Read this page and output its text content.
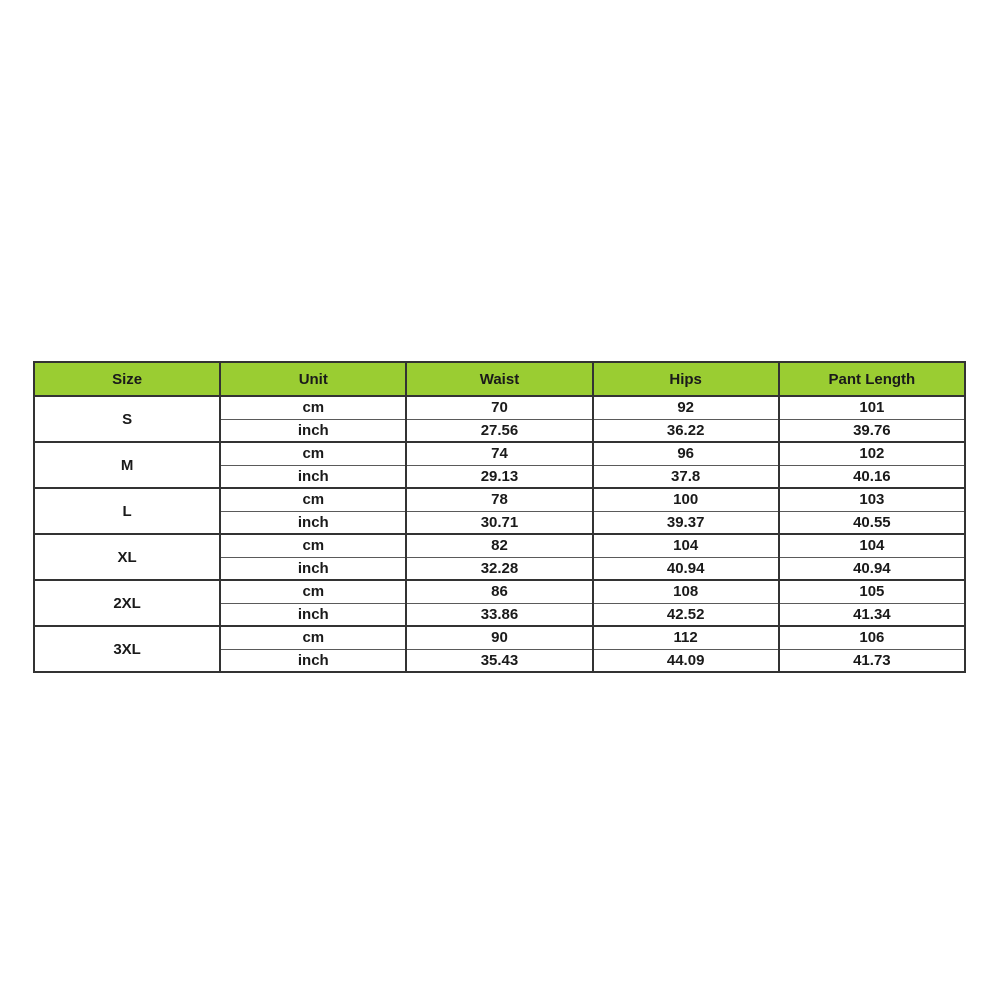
Size	Unit	Waist	Hips	Pant Length
S	cm	70	92	101
	inch	27.56	36.22	39.76
M	cm	74	96	102
	inch	29.13	37.8	40.16
L	cm	78	100	103
	inch	30.71	39.37	40.55
XL	cm	82	104	104
	inch	32.28	40.94	40.94
2XL	cm	86	108	105
	inch	33.86	42.52	41.34
3XL	cm	90	112	106
	inch	35.43	44.09	41.73
